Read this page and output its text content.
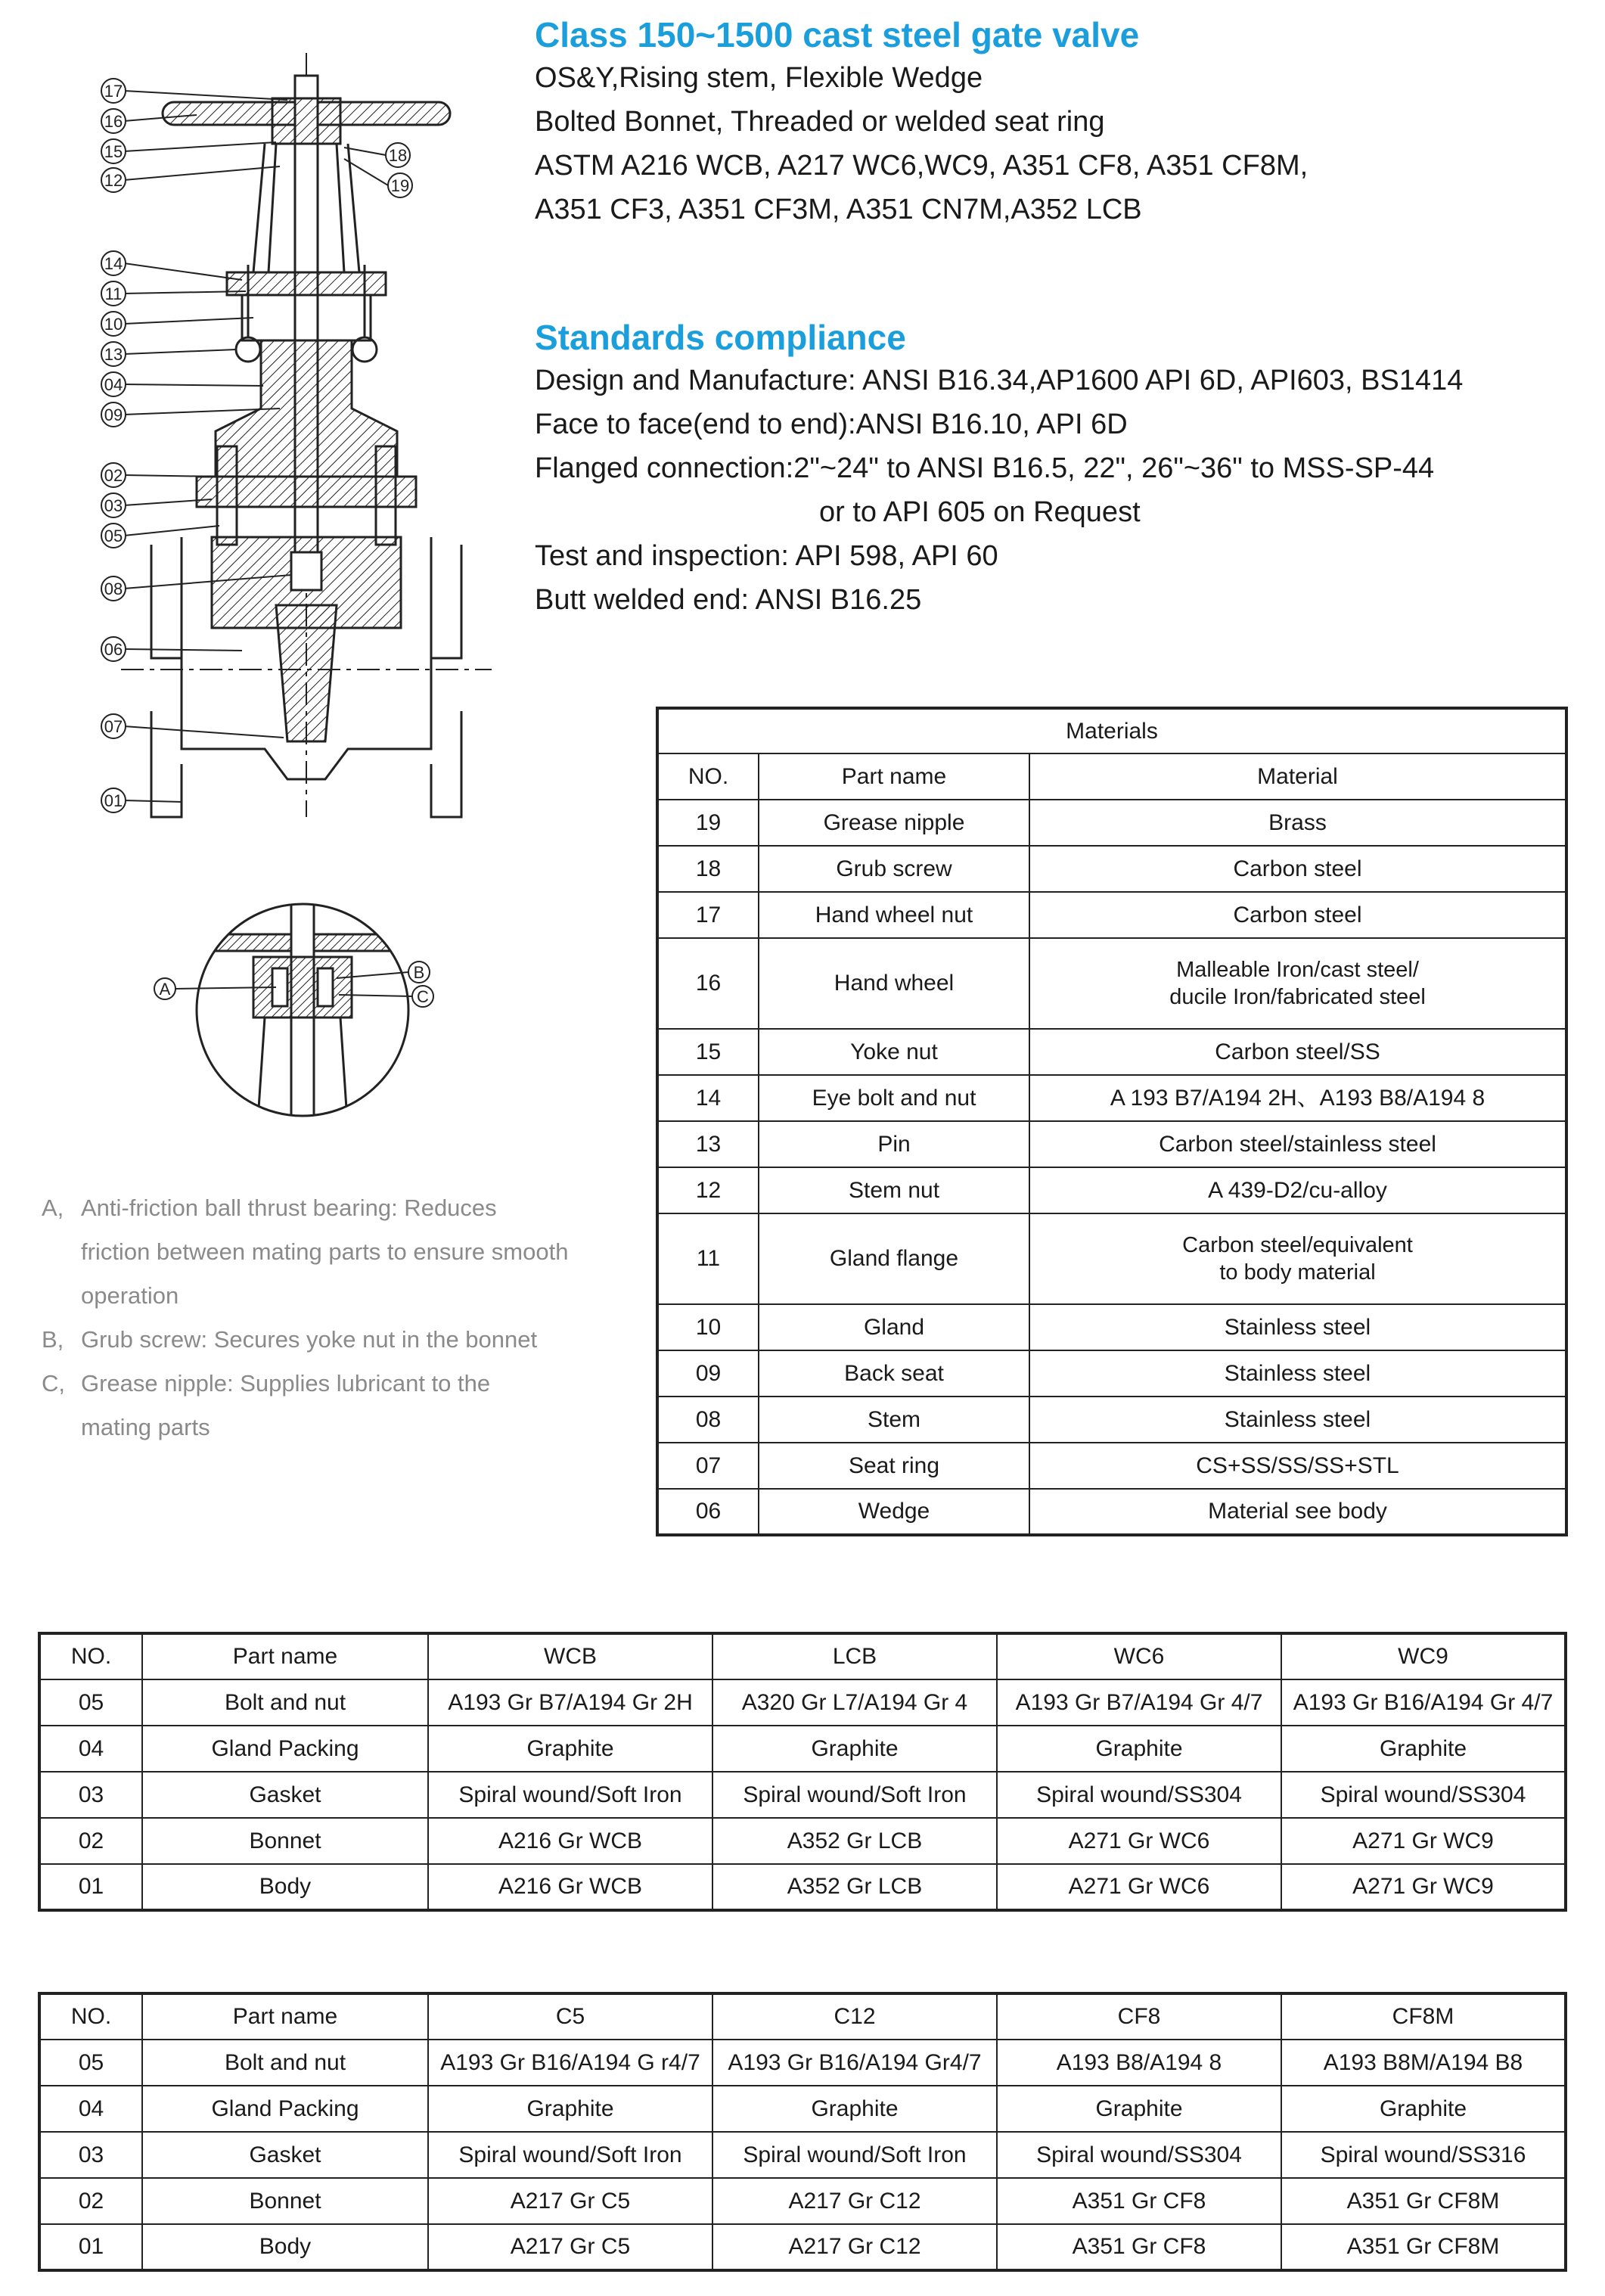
Class 150~1500 cast steel gate valve

OS&Y,Rising stem, Flexible Wedge

Bolted Bonnet, Threaded or welded seat ring

ASTM A216 WCB, A217 WC6,WC9, A351 CF8, A351 CF8M,

A351 CF3, A351 CF3M, A351 CN7M,A352 LCB

Standards compliance

Design and Manufacture: ANSI B16.34,AP1600 API 6D, API603, BS1414

Face to face(end to end):ANSI B16.10, API 6D

Flanged connection:2"~24" to ANSI B16.5, 22", 26"~36" to MSS-SP-44

or to API 605 on Request

Test and inspection: API 598, API 60

Butt welded end: ANSI B16.25

17
16
15
12
14
11
10
13
04
09
02
03
05
08
06
07
01
18
19
A
B
C
A, Anti-friction ball thrust bearing: Reduces
friction between mating parts to ensure smooth
operation
B, Grub screw: Secures yoke nut in the bonnet
C, Grease nipple: Supplies lubricant to the
mating parts
Materials		
NO.	Part name	Material
19	Grease nipple	Brass
18	Grub screw	Carbon steel
17	Hand wheel nut	Carbon steel
16	Hand wheel	Malleable Iron/cast steel/
ducile Iron/fabricated steel

15	Yoke nut	Carbon steel/SS
14	Eye bolt and nut	A 193 B7/A194 2H、A193 B8/A194 8
13	Pin	Carbon steel/stainless steel
12	Stem nut	A 439-D2/cu-alloy
11	Gland flange	Carbon steel/equivalent
to body material

10	Gland	Stainless steel
09	Back seat	Stainless steel
08	Stem	Stainless steel
07	Seat ring	CS+SS/SS/SS+STL
06	Wedge	Material see body
NO.	Part name	WCB	LCB	WC6	WC9
05	Bolt and nut	A193 Gr B7/A194 Gr 2H	A320 Gr L7/A194 Gr 4	A193 Gr B7/A194 Gr 4/7	A193 Gr B16/A194 Gr 4/7
04	Gland Packing	Graphite	Graphite	Graphite	Graphite
03	Gasket	Spiral wound/Soft Iron	Spiral wound/Soft Iron	Spiral wound/SS304	Spiral wound/SS304
02	Bonnet	A216 Gr WCB	A352 Gr LCB	A271 Gr WC6	A271 Gr WC9
01	Body	A216 Gr WCB	A352 Gr LCB	A271 Gr WC6	A271 Gr WC9
NO.	Part name	C5	C12	CF8	CF8M
05	Bolt and nut	A193 Gr B16/A194 G r4/7	A193 Gr B16/A194 Gr4/7	A193 B8/A194 8	A193 B8M/A194 B8
04	Gland Packing	Graphite	Graphite	Graphite	Graphite
03	Gasket	Spiral wound/Soft Iron	Spiral wound/Soft Iron	Spiral wound/SS304	Spiral wound/SS316
02	Bonnet	A217 Gr C5	A217 Gr C12	A351 Gr CF8	A351 Gr CF8M
01	Body	A217 Gr C5	A217 Gr C12	A351 Gr CF8	A351 Gr CF8M
